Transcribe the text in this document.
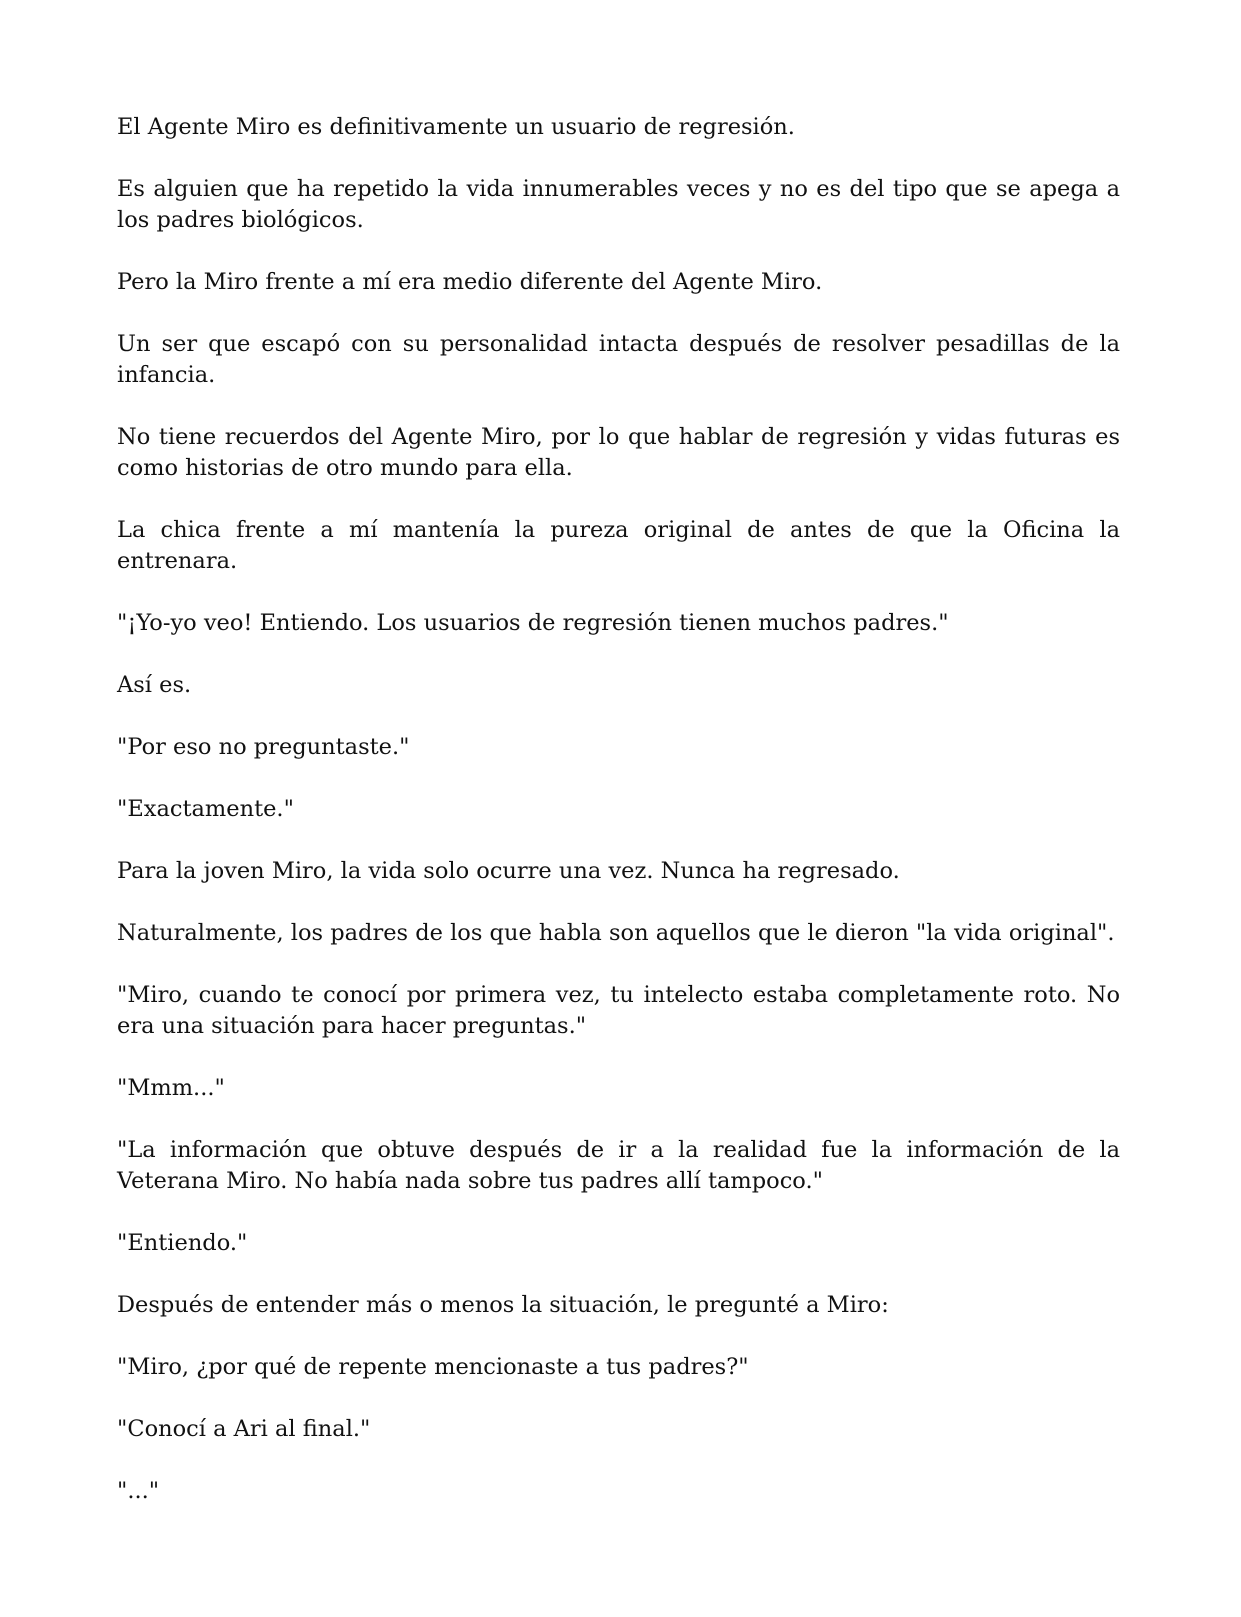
El Agente Miro es definitivamente un usuario de regresión.

Es alguien que ha repetido la vida innumerables veces y no es del tipo que se apega a los padres biológicos.

Pero la Miro frente a mí era medio diferente del Agente Miro.

Un ser que escapó con su personalidad intacta después de resolver pesadillas de la infancia.

No tiene recuerdos del Agente Miro, por lo que hablar de regresión y vidas futuras es como historias de otro mundo para ella.

La chica frente a mí mantenía la pureza original de antes de que la Oficina la entrenara.

"¡Yo-yo veo! Entiendo. Los usuarios de regresión tienen muchos padres."

Así es.

"Por eso no preguntaste."

"Exactamente."

Para la joven Miro, la vida solo ocurre una vez. Nunca ha regresado.

Naturalmente, los padres de los que habla son aquellos que le dieron "la vida original".

"Miro, cuando te conocí por primera vez, tu intelecto estaba completamente roto. No era una situación para hacer preguntas."

"Mmm..."

"La información que obtuve después de ir a la realidad fue la información de la Veterana Miro. No había nada sobre tus padres allí tampoco."

"Entiendo."

Después de entender más o menos la situación, le pregunté a Miro:

"Miro, ¿por qué de repente mencionaste a tus padres?"

"Conocí a Ari al final."

"..."
